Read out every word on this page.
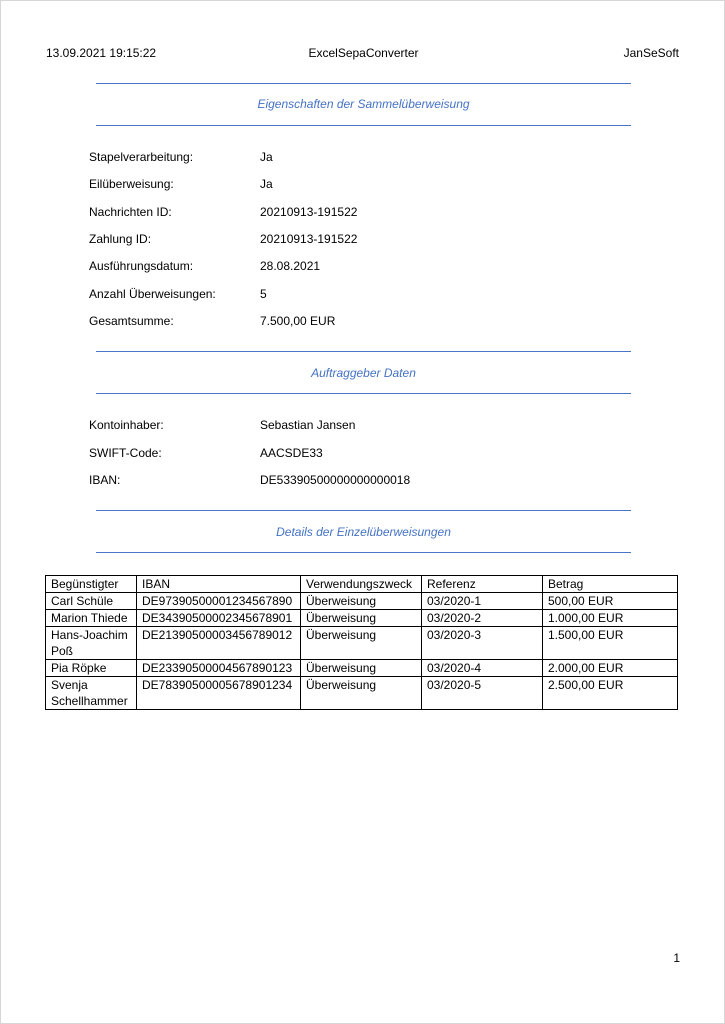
13.09.2021 19:15:22	ExcelSepaConverter	JanSeSoft
Eigenschaften der Sammelüberweisung
Stapelverarbeitung:	Ja
Eilüberweisung:	Ja
Nachrichten ID:	20210913-191522
Zahlung ID:	20210913-191522
Ausführungsdatum:	28.08.2021
Anzahl Überweisungen:	5
Gesamtsumme:	7.500,00 EUR
Auftraggeber Daten
Kontoinhaber:	Sebastian Jansen
SWIFT-Code:	AACSDE33
IBAN:	DE53390500000000000018
Details der Einzelüberweisungen
Begünstigter	IBAN	Verwendungszweck	Referenz	Betrag
Carl Schüle	DE97390500001234567890	Überweisung	03/2020-1	500,00 EUR
Marion Thiede	DE34390500002345678901	Überweisung	03/2020-2	1.000,00 EUR
Hans-Joachim Poß	DE21390500003456789012	Überweisung	03/2020-3	1.500,00 EUR
Pia Röpke	DE23390500004567890123	Überweisung	03/2020-4	2.000,00 EUR
Svenja Schellhammer	DE78390500005678901234	Überweisung	03/2020-5	2.500,00 EUR
1
